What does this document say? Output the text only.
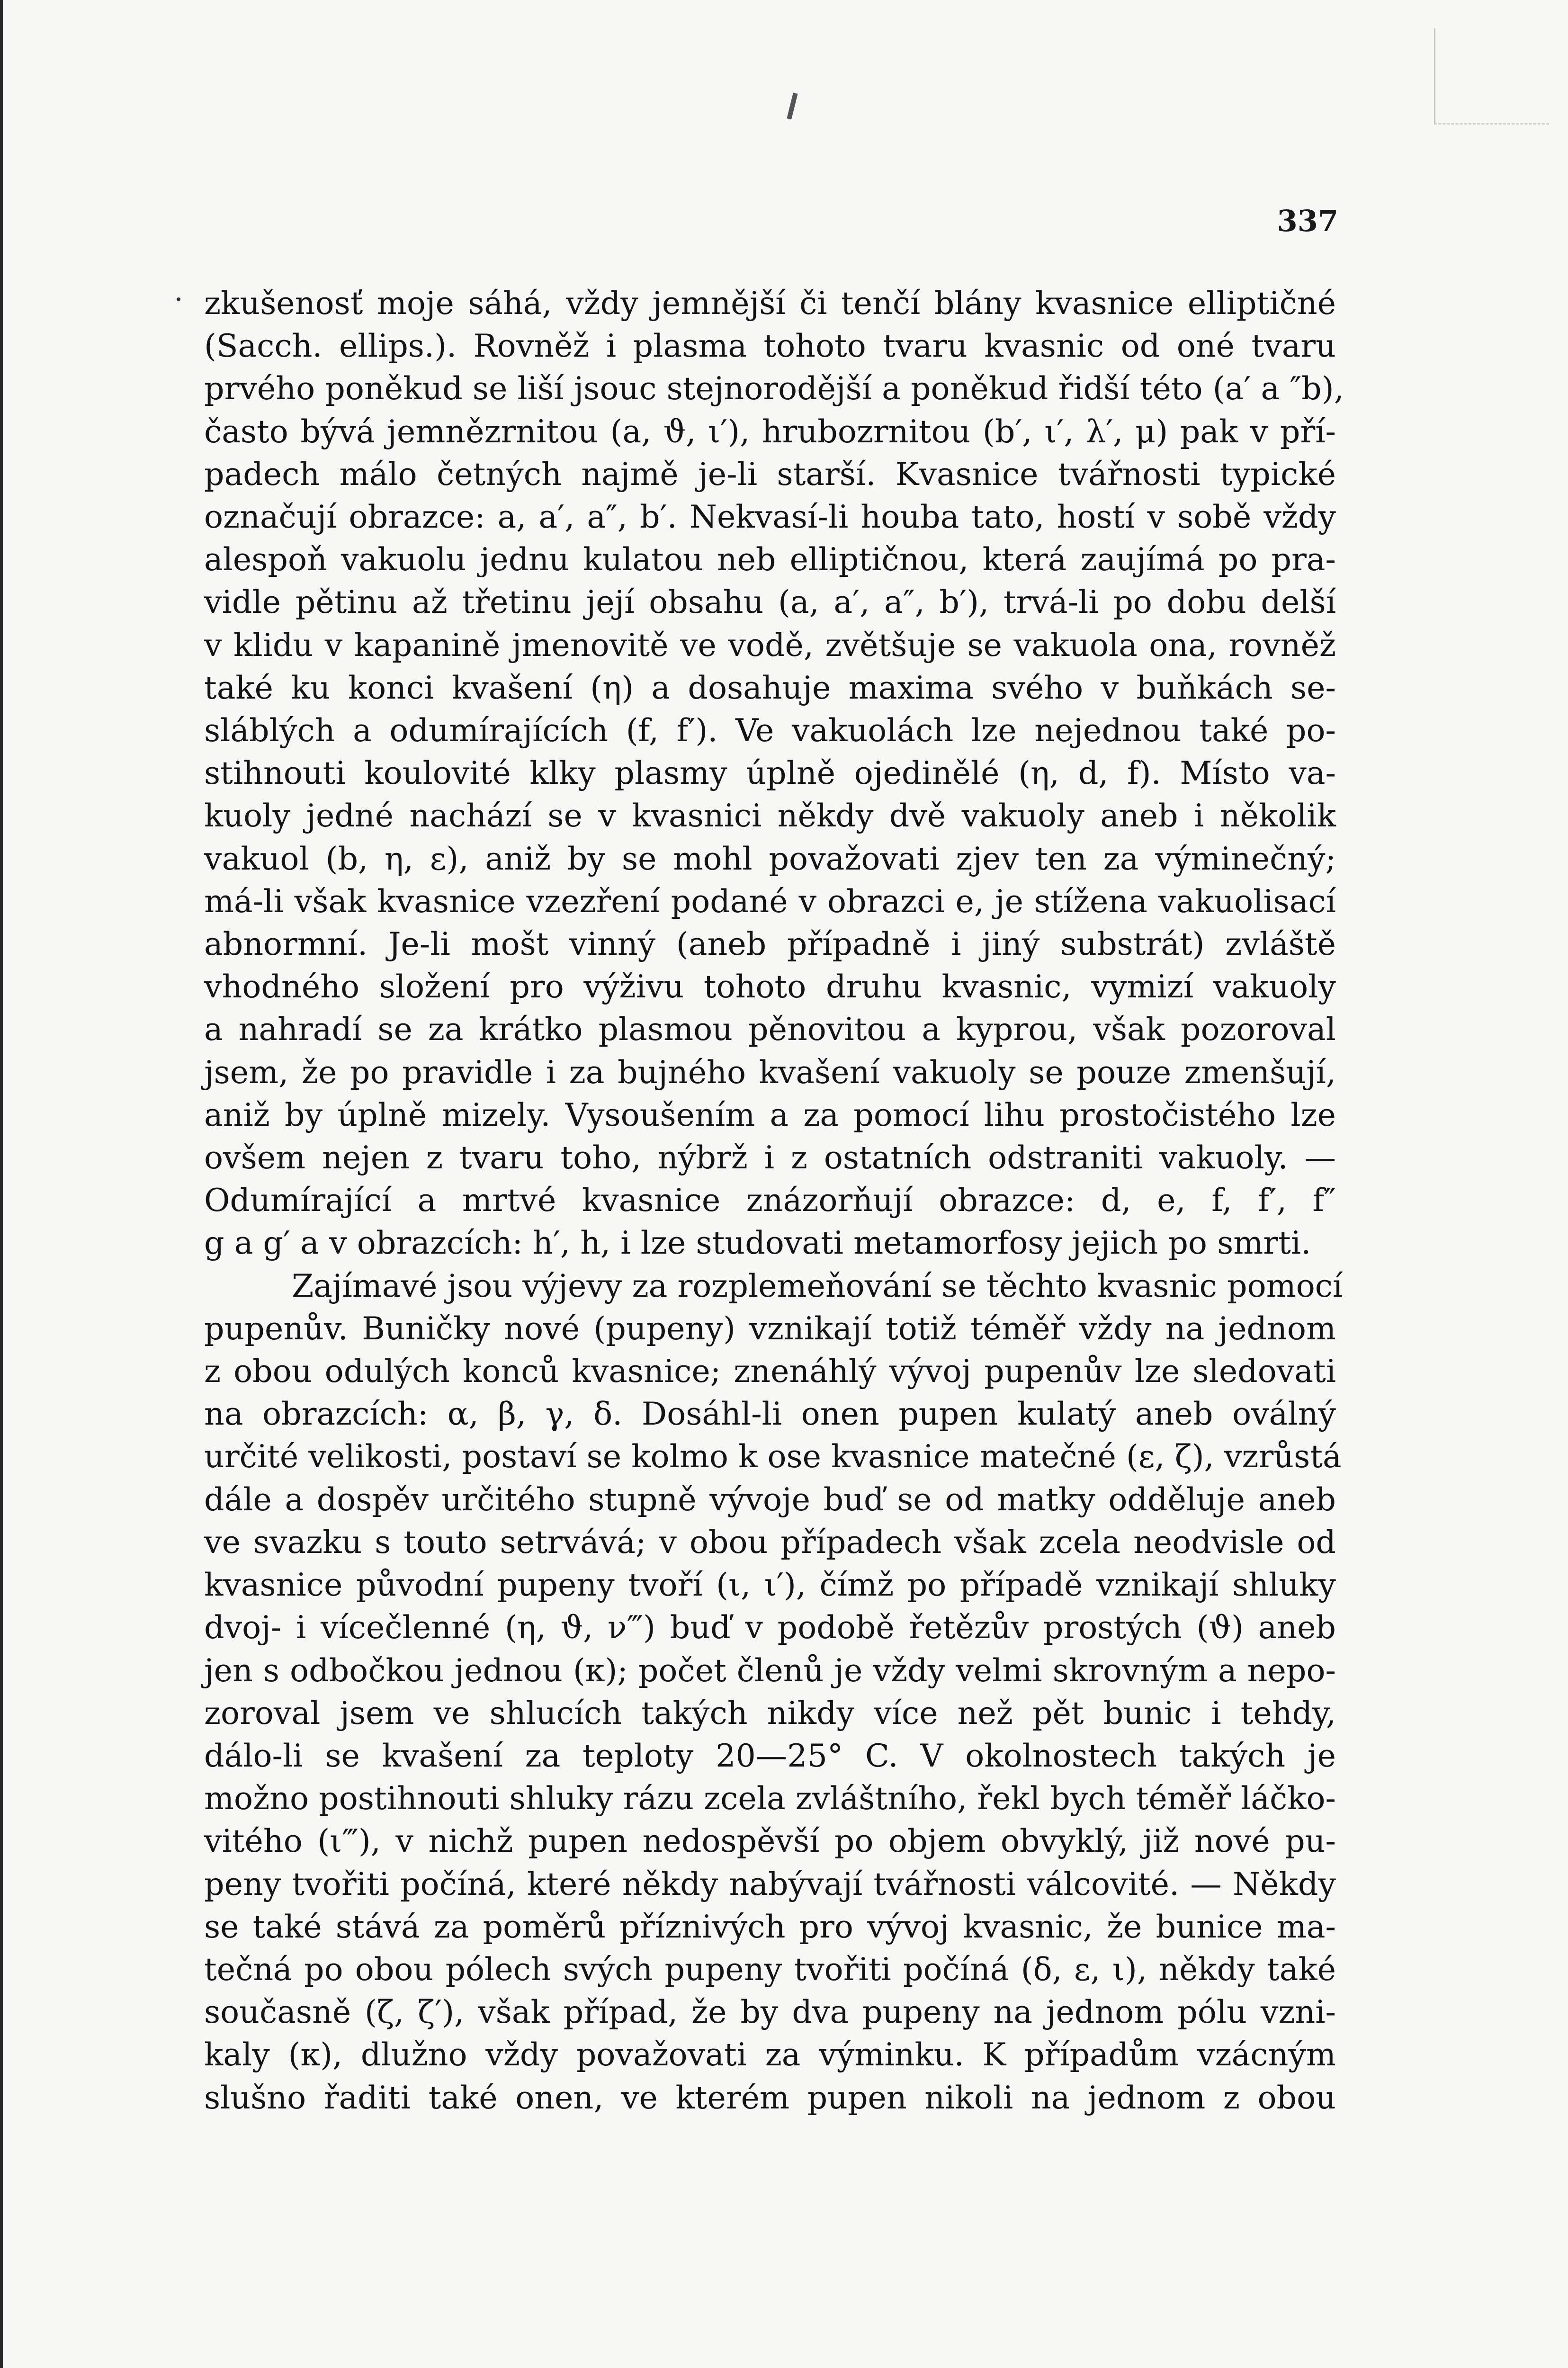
337
zkušenosť moje sáhá, vždy jemnější či tenčí blány kvasnice elliptičné
(Sacch. ellips.). Rovněž i plasma tohoto tvaru kvasnic od oné tvaru
prvého poněkud se liší jsouc stejnorodější a poněkud řidší této (a′ a ″b),
často bývá jemnězrnitou (a, ϑ, ι′), hrubozrnitou (b′, ι′, λ′, μ) pak v pří-
padech málo četných najmě je-li starší. Kvasnice tvářnosti typické
označují obrazce: a, a′, a″, b′. Nekvasí-li houba tato, hostí v sobě vždy
alespoň vakuolu jednu kulatou neb elliptičnou, která zaujímá po pra-
vidle pětinu až třetinu její obsahu (a, a′, a″, b′), trvá-li po dobu delší
v klidu v kapanině jmenovitě ve vodě, zvětšuje se vakuola ona, rovněž
také ku konci kvašení (η) a dosahuje maxima svého v buňkách se-
sláblých a odumírajících (f, f′). Ve vakuolách lze nejednou také po-
stihnouti koulovité klky plasmy úplně ojedinělé (η, d, f). Místo va-
kuoly jedné nachází se v kvasnici někdy dvě vakuoly aneb i několik
vakuol (b, η, ε), aniž by se mohl považovati zjev ten za výminečný;
má-li však kvasnice vzezření podané v obrazci e, je stížena vakuolisací
abnormní. Je-li mošt vinný (aneb případně i jiný substrát) zvláště
vhodného složení pro výživu tohoto druhu kvasnic, vymizí vakuoly
a nahradí se za krátko plasmou pěnovitou a kyprou, však pozoroval
jsem, že po pravidle i za bujného kvašení vakuoly se pouze zmenšují,
aniž by úplně mizely. Vysoušením a za pomocí lihu prostočistého lze
ovšem nejen z tvaru toho, nýbrž i z ostatních odstraniti vakuoly. —
Odumírající a mrtvé kvasnice znázorňují obrazce: d, e, f, f′, f″
g a g′ a v obrazcích: h′, h, i lze studovati metamorfosy jejich po smrti.
Zajímavé jsou výjevy za rozplemeňování se těchto kvasnic pomocí
pupenův. Buničky nové (pupeny) vznikají totiž téměř vždy na jednom
z obou odulých konců kvasnice; znenáhlý vývoj pupenův lze sledovati
na obrazcích: α, β, γ, δ. Dosáhl-li onen pupen kulatý aneb oválný
určité velikosti, postaví se kolmo k ose kvasnice matečné (ε, ζ), vzrůstá
dále a dospěv určitého stupně vývoje buď se od matky odděluje aneb
ve svazku s touto setrvává; v obou případech však zcela neodvisle od
kvasnice původní pupeny tvoří (ι, ι′), čímž po případě vznikají shluky
dvoj- i vícečlenné (η, ϑ, ν‴) buď v podobě řetězův prostých (ϑ) aneb
jen s odbočkou jednou (κ); počet členů je vždy velmi skrovným a nepo-
zoroval jsem ve shlucích takých nikdy více než pět bunic i tehdy,
dálo-li se kvašení za teploty 20—25° C. V okolnostech takých je
možno postihnouti shluky rázu zcela zvláštního, řekl bych téměř láčko-
vitého (ι‴), v nichž pupen nedospěvší po objem obvyklý, již nové pu-
peny tvořiti počíná, které někdy nabývají tvářnosti válcovité. — Někdy
se také stává za poměrů příznivých pro vývoj kvasnic, že bunice ma-
tečná po obou pólech svých pupeny tvořiti počíná (δ, ε, ι), někdy také
současně (ζ, ζ′), však případ, že by dva pupeny na jednom pólu vzni-
kaly (κ), dlužno vždy považovati za výminku. K případům vzácným
slušno řaditi také onen, ve kterém pupen nikoli na jednom z obou
